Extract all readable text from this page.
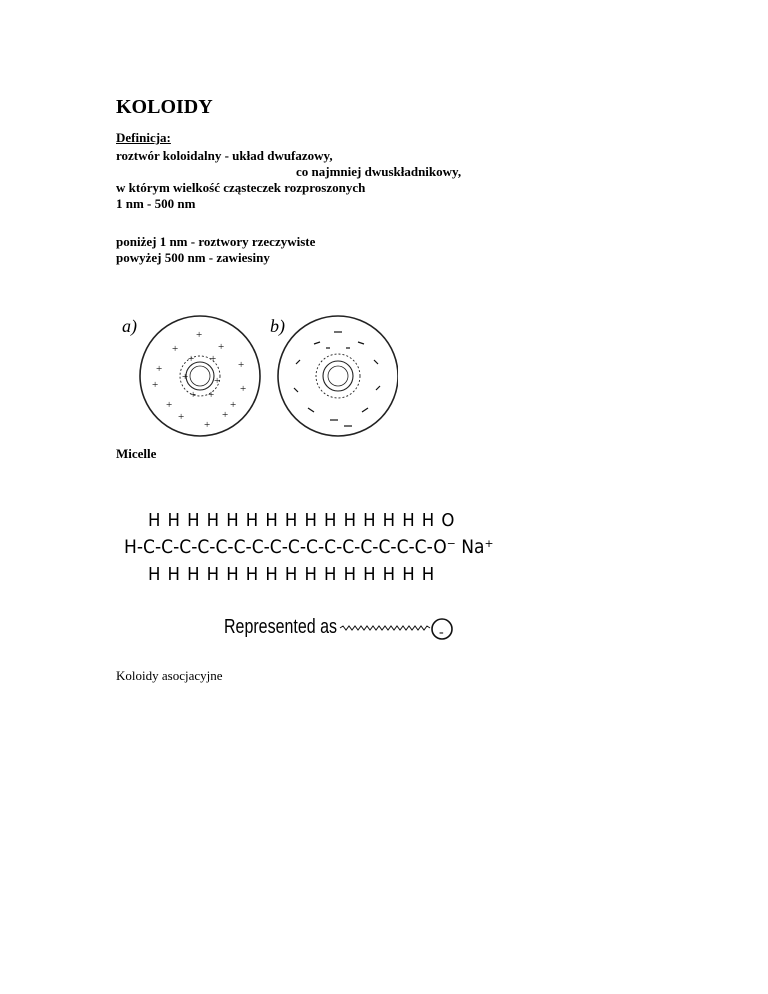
KOLOIDY
Definicja:
roztwór koloidalny - układ dwufazowy,
co najmniej dwuskładnikowy,
w którym wielkość cząsteczek rozproszonych
1 nm - 500 nm
poniżej 1 nm - roztwory rzeczywiste
powyżej 500 nm - zawiesiny
a)	b)
+
+	+
+	+
+	+
+	+
+
+
+
+ +
+ +
+ +
Micelle
H H H H H H H H H H H H H H H O
H-C-C-C-C-C-C-C-C-C-C-C-C-C-C-C-C-O⁻ Na⁺
H H H H H H H H H H H H H H H
Represented as	-
Koloidy asocjacyjne
